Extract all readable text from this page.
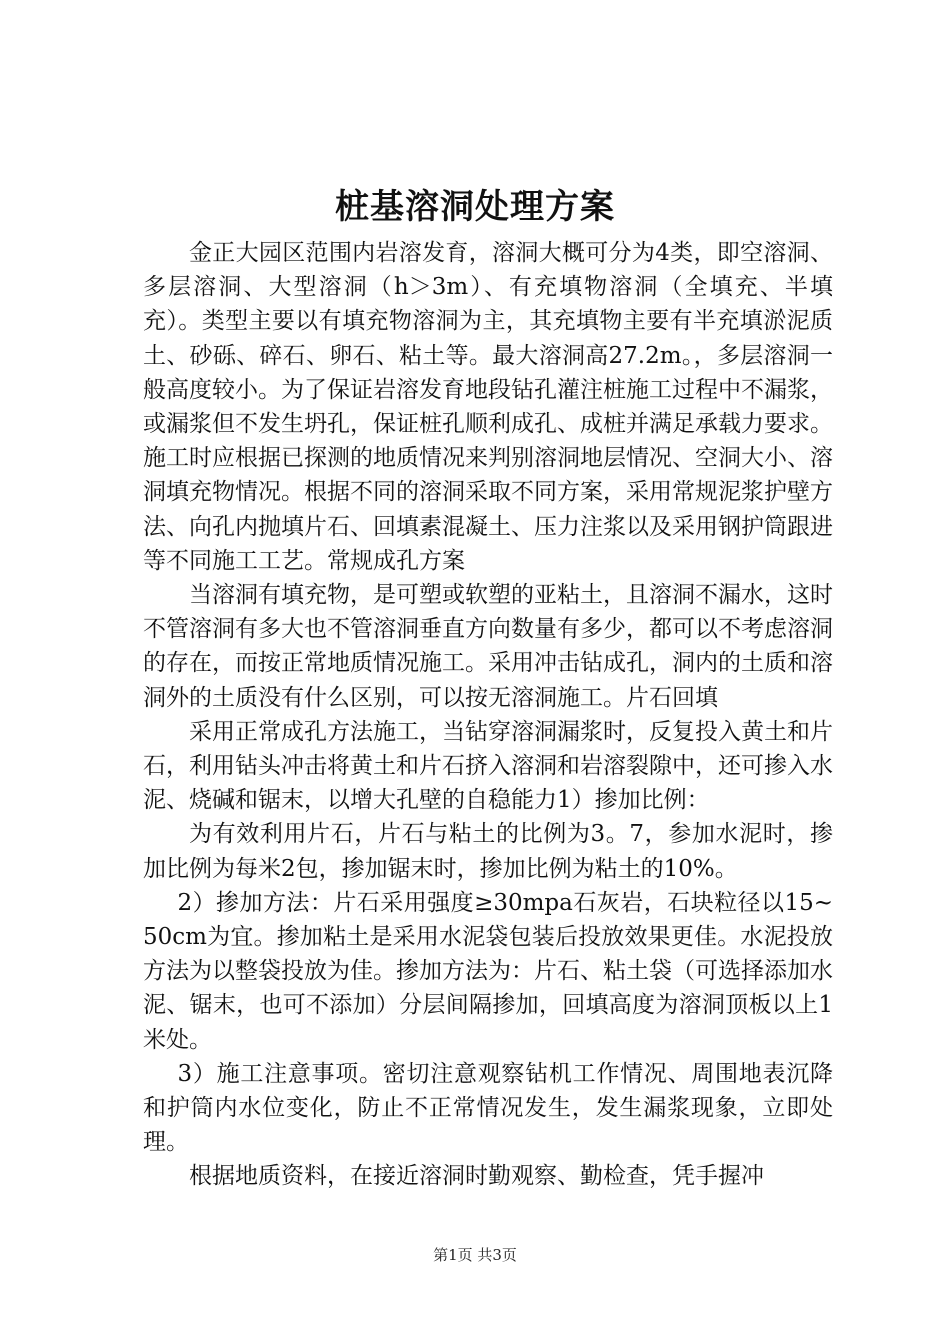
桩基溶洞处理方案

金正大园区范围内岩溶发育，溶洞大概可分为4类，即空溶洞、多层溶洞、大型溶洞（h＞3m）、有充填物溶洞（全填充、半填充）。类型主要以有填充物溶洞为主，其充填物主要有半充填淤泥质土、砂砾、碎石、卵石、粘土等。最大溶洞高27.2m。，多层溶洞一般高度较小。为了保证岩溶发育地段钻孔灌注桩施工过程中不漏浆，或漏浆但不发生坍孔，保证桩孔顺利成孔、成桩并满足承载力要求。施工时应根据已探测的地质情况来判别溶洞地层情况、空洞大小、溶洞填充物情况。根据不同的溶洞采取不同方案，采用常规泥浆护壁方法、向孔内抛填片石、回填素混凝土、压力注浆以及采用钢护筒跟进等不同施工工艺。常规成孔方案

当溶洞有填充物，是可塑或软塑的亚粘土，且溶洞不漏水，这时不管溶洞有多大也不管溶洞垂直方向数量有多少，都可以不考虑溶洞的存在，而按正常地质情况施工。采用冲击钻成孔，洞内的土质和溶洞外的土质没有什么区别，可以按无溶洞施工。片石回填

采用正常成孔方法施工，当钻穿溶洞漏浆时，反复投入黄土和片石，利用钻头冲击将黄土和片石挤入溶洞和岩溶裂隙中，还可掺入水泥、烧碱和锯末，以增大孔壁的自稳能力1）掺加比例：

为有效利用片石，片石与粘土的比例为3。7，参加水泥时，掺加比例为每米2包，掺加锯末时，掺加比例为粘土的10%。

2）掺加方法：片石采用强度≥30mpa石灰岩，石块粒径以15~50cm为宜。掺加粘土是采用水泥袋包装后投放效果更佳。水泥投放方法为以整袋投放为佳。掺加方法为：片石、粘土袋（可选择添加水泥、锯末，也可不添加）分层间隔掺加，回填高度为溶洞顶板以上1米处。

3）施工注意事项。密切注意观察钻机工作情况、周围地表沉降和护筒内水位变化，防止不正常情况发生，发生漏浆现象，立即处理。

根据地质资料，在接近溶洞时勤观察、勤检查，凭手握冲

第1页 共3页
